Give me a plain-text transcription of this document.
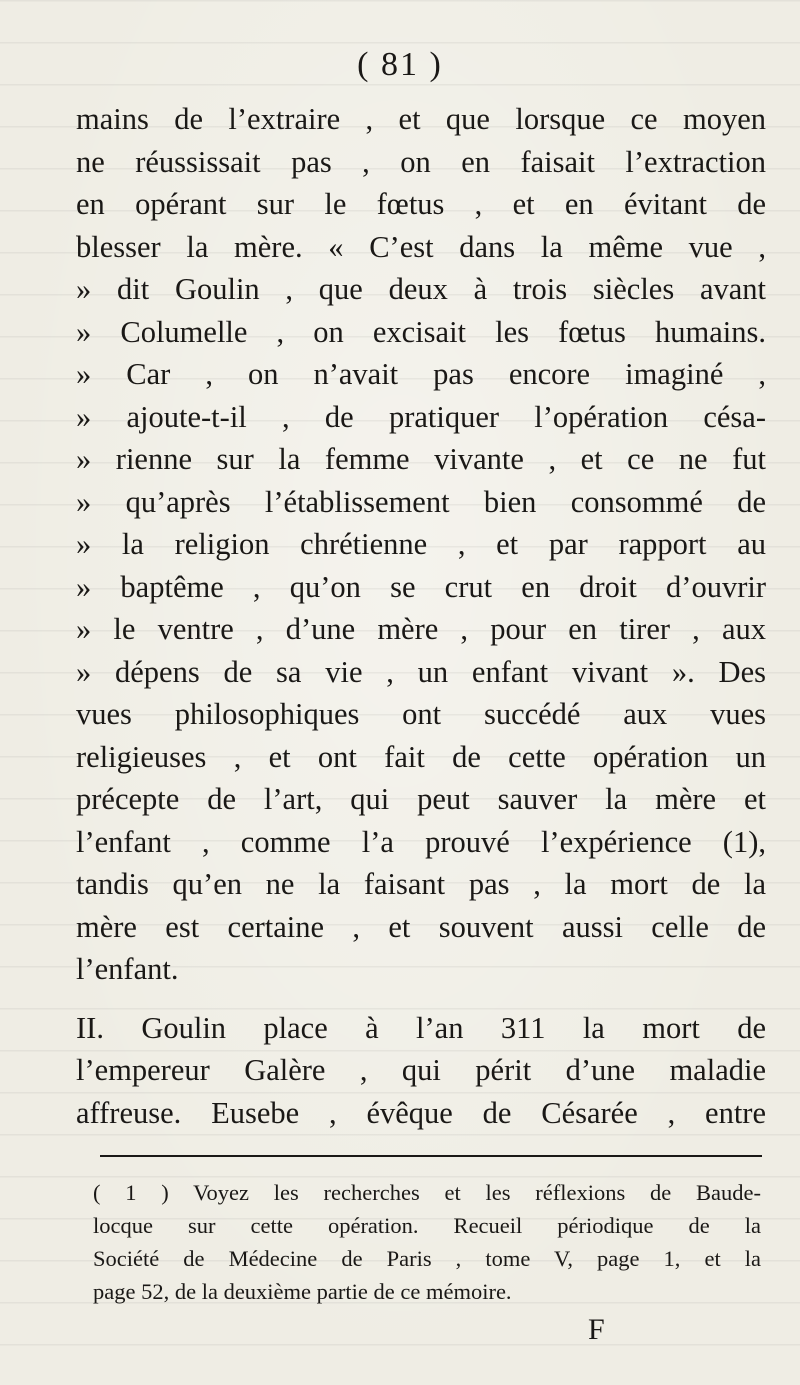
( 81 )
mains de l’extraire , et que lorsque ce moyen
ne réussissait pas , on en faisait l’extraction
en opérant sur le fœtus , et en évitant de
blesser la mère. « C’est dans la même vue ,
» dit Goulin , que deux à trois siècles avant
» Columelle , on excisait les fœtus humains.
» Car , on n’avait pas encore imaginé ,
» ajoute-t-il , de pratiquer l’opération césa-
» rienne sur la femme vivante , et ce ne fut
» qu’après l’établissement bien consommé de
» la religion chrétienne , et par rapport au
» baptême , qu’on se crut en droit d’ouvrir
» le ventre , d’une mère , pour en tirer , aux
» dépens de sa vie , un enfant vivant ». Des
vues philosophiques ont succédé aux vues
religieuses , et ont fait de cette opération un
précepte de l’art, qui peut sauver la mère et
l’enfant , comme l’a prouvé l’expérience (1),
tandis qu’en ne la faisant pas , la mort de la
mère est certaine , et souvent aussi celle de
l’enfant.
II. Goulin place à l’an 311 la mort de
l’empereur Galère , qui périt d’une maladie
affreuse. Eusebe , évêque de Césarée , entre
( 1 ) Voyez les recherches et les réflexions de Baude-
locque sur cette opération. Recueil périodique de la
Société de Médecine de Paris , tome V, page 1, et la
page 52, de la deuxième partie de ce mémoire.
F
